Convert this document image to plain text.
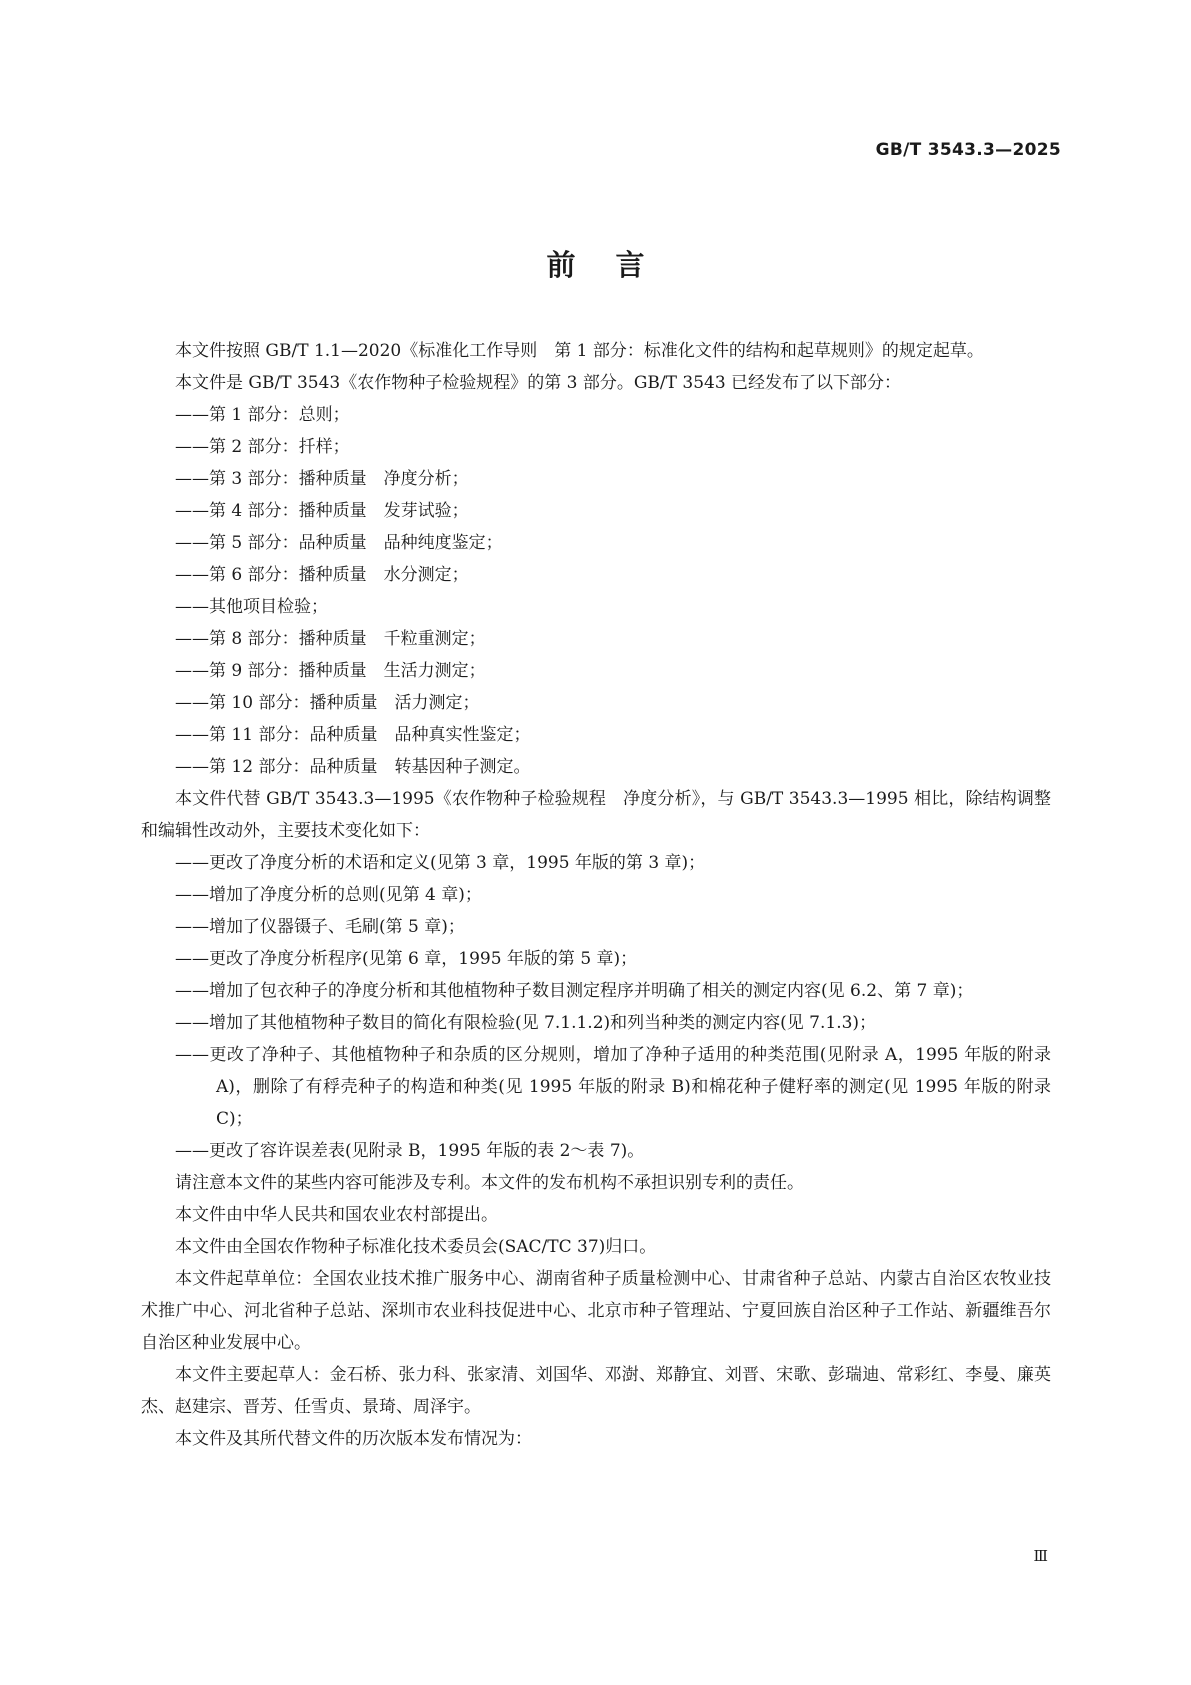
GB/T 3543.3—2025
前言

本文件按照 GB/T 1.1—2020《标准化工作导则　第 1 部分：标准化文件的结构和起草规则》的规定起草。

本文件是 GB/T 3543《农作物种子检验规程》的第 3 部分。GB/T 3543 已经发布了以下部分：

——第 1 部分：总则；

——第 2 部分：扦样；

——第 3 部分：播种质量　净度分析；

——第 4 部分：播种质量　发芽试验；

——第 5 部分：品种质量　品种纯度鉴定；

——第 6 部分：播种质量　水分测定；

——其他项目检验；

——第 8 部分：播种质量　千粒重测定；

——第 9 部分：播种质量　生活力测定；

——第 10 部分：播种质量　活力测定；

——第 11 部分：品种质量　品种真实性鉴定；

——第 12 部分：品种质量　转基因种子测定。

本文件代替 GB/T 3543.3—1995《农作物种子检验规程　净度分析》，与 GB/T 3543.3—1995 相比，除结构调整和编辑性改动外，主要技术变化如下：

——更改了净度分析的术语和定义(见第 3 章，1995 年版的第 3 章)；

——增加了净度分析的总则(见第 4 章)；

——增加了仪器镊子、毛刷(第 5 章)；

——更改了净度分析程序(见第 6 章，1995 年版的第 5 章)；

——增加了包衣种子的净度分析和其他植物种子数目测定程序并明确了相关的测定内容(见 6.2、第 7 章)；

——增加了其他植物种子数目的简化有限检验(见 7.1.1.2)和列当种类的测定内容(见 7.1.3)；

——更改了净种子、其他植物种子和杂质的区分规则，增加了净种子适用的种类范围(见附录 A，1995 年版的附录 A)，删除了有稃壳种子的构造和种类(见 1995 年版的附录 B)和棉花种子健籽率的测定(见 1995 年版的附录 C)；

——更改了容许误差表(见附录 B，1995 年版的表 2～表 7)。

请注意本文件的某些内容可能涉及专利。本文件的发布机构不承担识别专利的责任。

本文件由中华人民共和国农业农村部提出。

本文件由全国农作物种子标准化技术委员会(SAC/TC 37)归口。

本文件起草单位：全国农业技术推广服务中心、湖南省种子质量检测中心、甘肃省种子总站、内蒙古自治区农牧业技术推广中心、河北省种子总站、深圳市农业科技促进中心、北京市种子管理站、宁夏回族自治区种子工作站、新疆维吾尔自治区种业发展中心。

本文件主要起草人：金石桥、张力科、张家清、刘国华、邓澍、郑静宜、刘晋、宋歌、彭瑞迪、常彩红、李曼、廉英杰、赵建宗、晋芳、任雪贞、景琦、周泽宇。

本文件及其所代替文件的历次版本发布情况为：

Ⅲ
